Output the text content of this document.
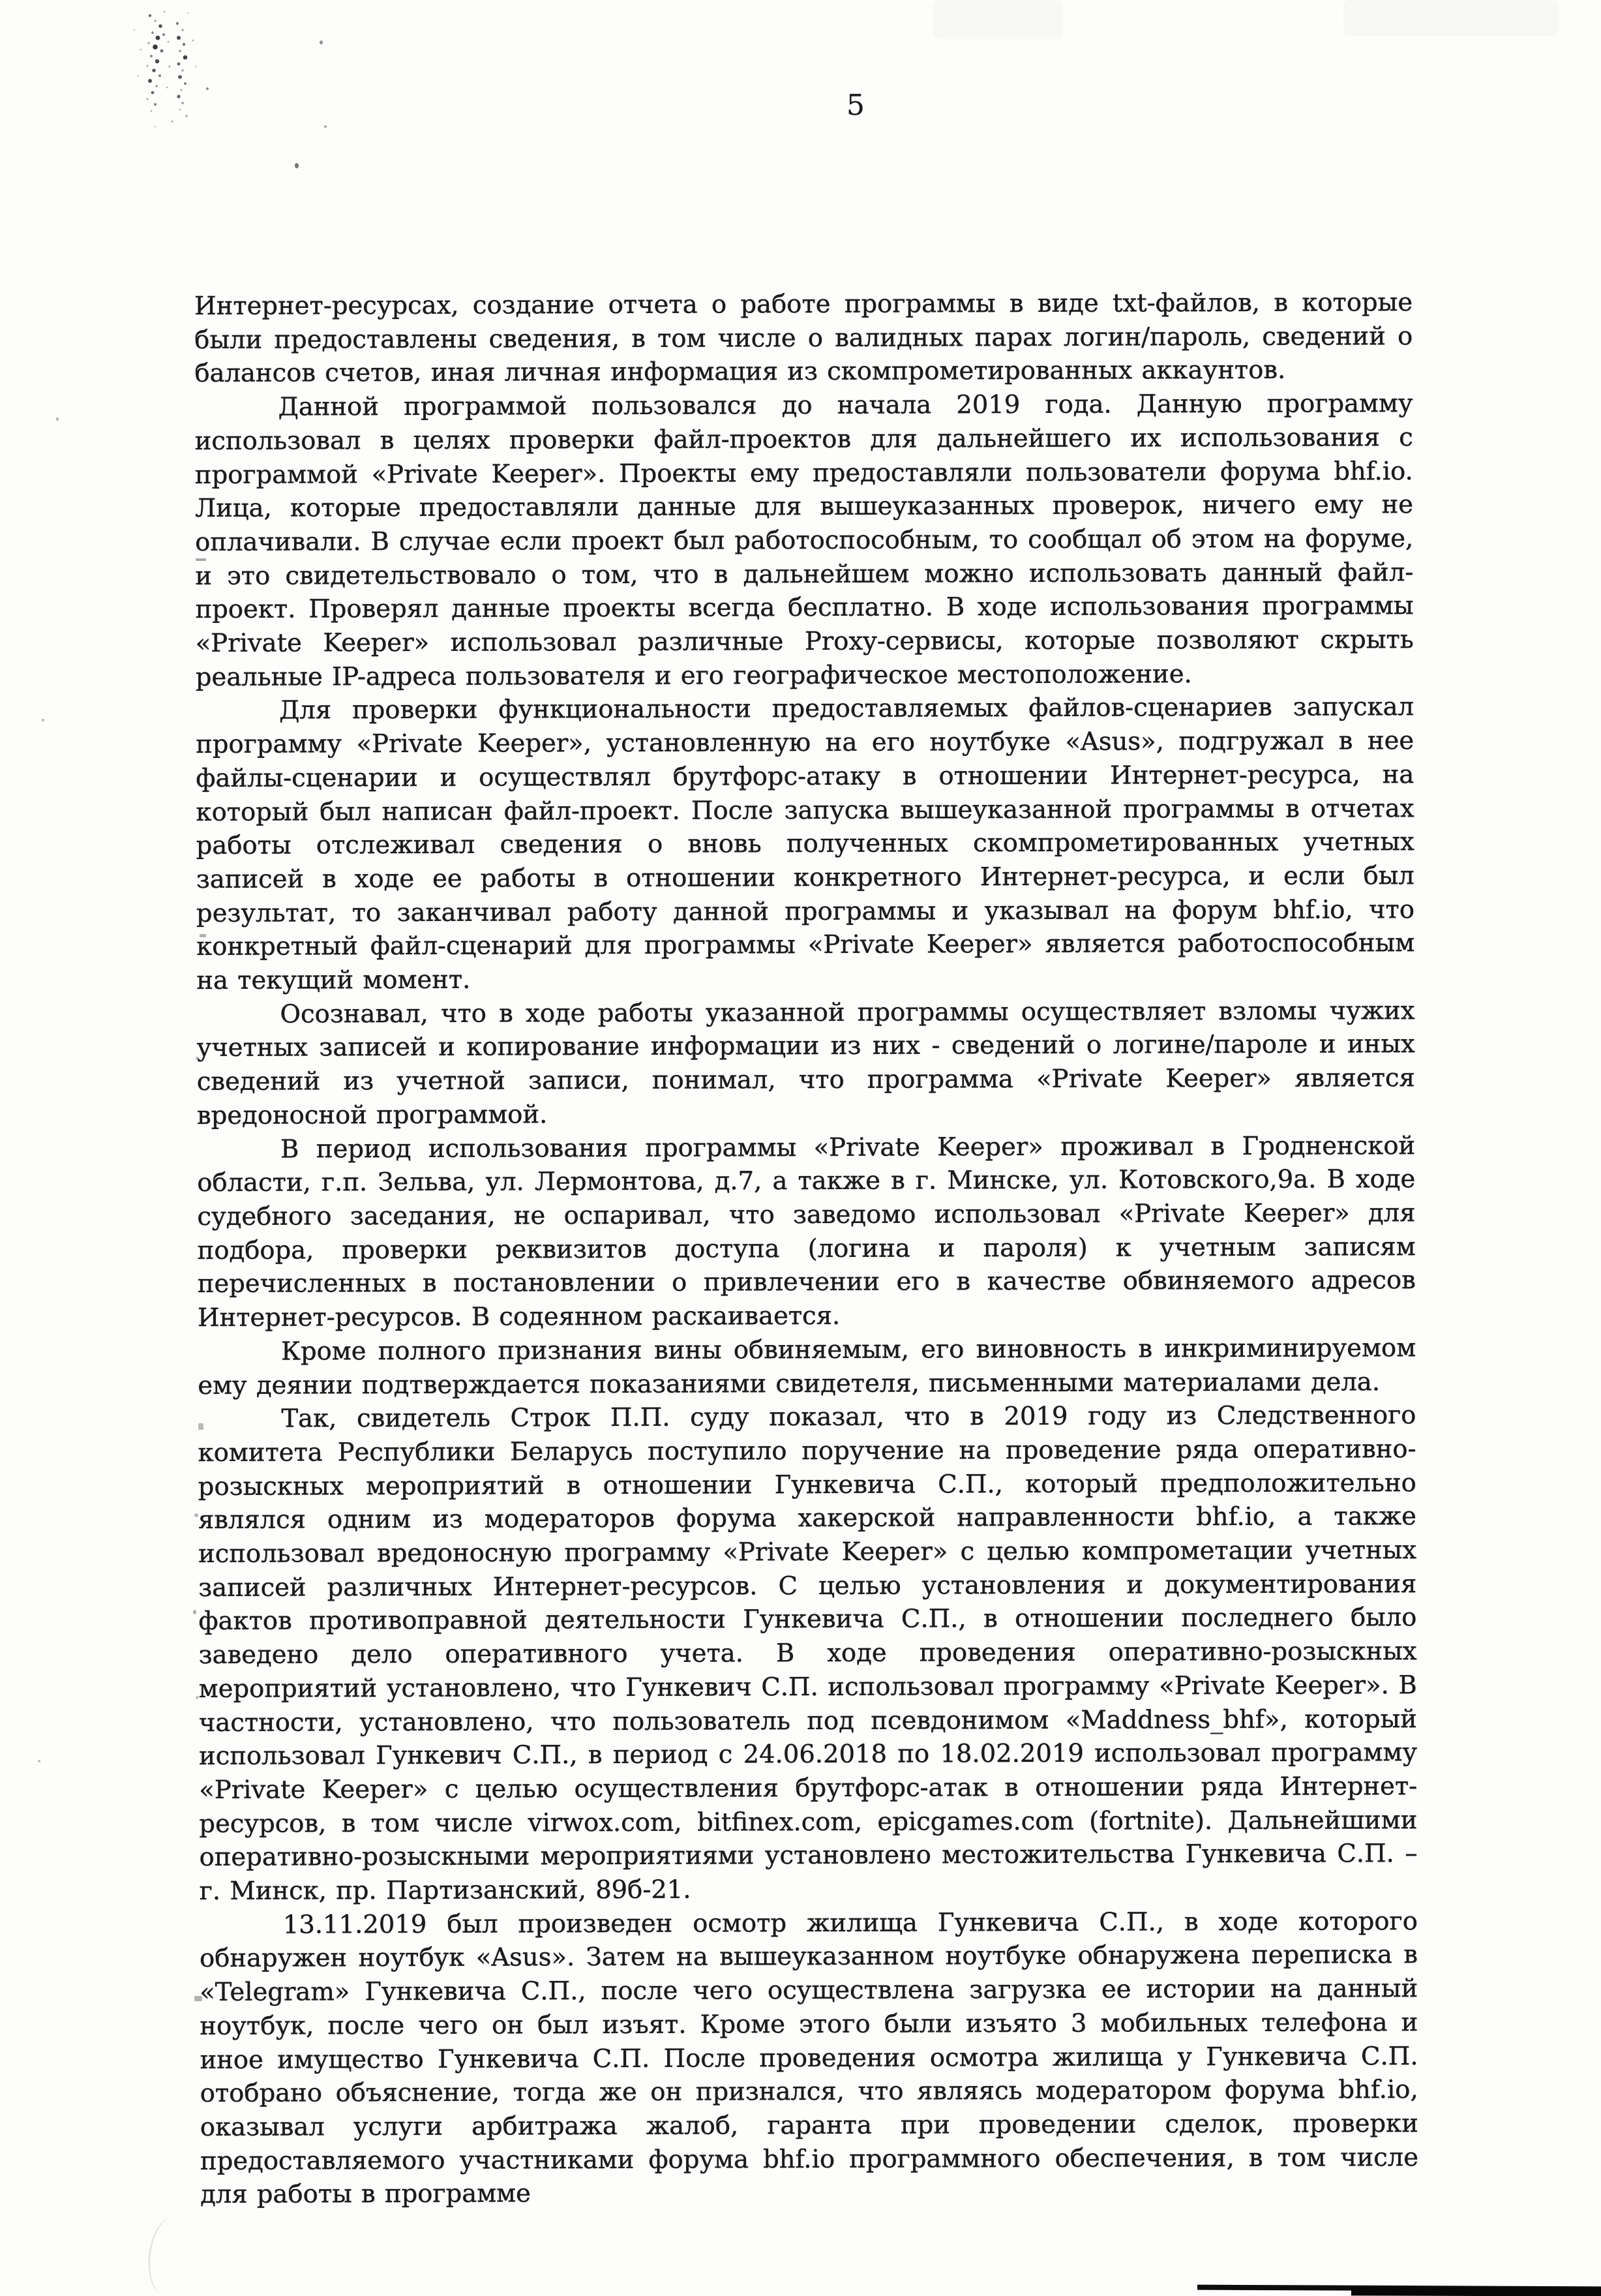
5

Интернет-ресурсах, создание отчета о работе программы в виде txt-файлов, в которые были предоставлены сведения, в том числе о валидных парах логин/пароль, сведений о балансов счетов, иная личная информация из скомпрометированных аккаунтов.

Данной программой пользовался до начала 2019 года. Данную программу использовал в целях проверки файл-проектов для дальнейшего их использования с программой «Private Keeper». Проекты ему предоставляли пользователи форума bhf.io. Лица, которые предоставляли данные для вышеуказанных проверок, ничего ему не оплачивали. В случае если проект был работоспособным, то сообщал об этом на форуме, и это свидетельствовало о том, что в дальнейшем можно использовать данный файл-проект. Проверял данные проекты всегда бесплатно. В ходе использования программы «Private Keeper» использовал различные Proxy-сервисы, которые позволяют скрыть реальные IP-адреса пользователя и его географическое местоположение.

Для проверки функциональности предоставляемых файлов-сценариев запускал программу «Private Keeper», установленную на его ноутбуке «Asus», подгружал в нее файлы-сценарии и осуществлял брутфорс-атаку в отношении Интернет-ресурса, на который был написан файл-проект. После запуска вышеуказанной программы в отчетах работы отслеживал сведения о вновь полученных скомпрометированных учетных записей в ходе ее работы в отношении конкретного Интернет-ресурса, и если был результат, то заканчивал работу данной программы и указывал на форум bhf.io, что конкретный файл-сценарий для программы «Private Keeper» является работоспособным на текущий момент.

Осознавал, что в ходе работы указанной программы осуществляет взломы чужих учетных записей и копирование информации из них - сведений о логине/пароле и иных сведений из учетной записи, понимал, что программа «Private Keeper» является вредоносной программой.

В период использования программы «Private Keeper» проживал в Гродненской области, г.п. Зельва, ул. Лермонтова, д.7, а также в г. Минске, ул. Котовского,9а. В ходе судебного заседания, не оспаривал, что заведомо использовал «Private Keeper» для подбора, проверки реквизитов доступа (логина и пароля) к учетным записям перечисленных в постановлении о привлечении его в качестве обвиняемого адресов Интернет-ресурсов. В содеянном раскаивается.

Кроме полного признания вины обвиняемым, его виновность в инкриминируемом ему деянии подтверждается показаниями свидетеля, письменными материалами дела.

Так, свидетель Строк П.П. суду показал, что в 2019 году из Следственного комитета Республики Беларусь поступило поручение на проведение ряда оперативно-розыскных мероприятий в отношении Гункевича С.П., который предположительно являлся одним из модераторов форума хакерской направленности bhf.io, а также использовал вредоносную программу «Private Keeper» с целью компрометации учетных записей различных Интернет-ресурсов. С целью установления и документирования фактов противоправной деятельности Гункевича С.П., в отношении последнего было заведено дело оперативного учета. В ходе проведения оперативно-розыскных мероприятий установлено, что Гункевич С.П. использовал программу «Private Keeper». В частности, установлено, что пользователь под псевдонимом «Maddness_bhf», который использовал Гункевич С.П., в период с 24.06.2018 по 18.02.2019 использовал программу «Private Keeper» с целью осуществления брутфорс-атак в отношении ряда Интернет-ресурсов, в том числе virwox.com, bitfinex.com, epicgames.com (fortnite). Дальнейшими оперативно-розыскными мероприятиями установлено местожительства Гункевича С.П. – г. Минск, пр. Партизанский, 89б-21.

13.11.2019 был произведен осмотр жилища Гункевича С.П., в ходе которого обнаружен ноутбук «Asus». Затем на вышеуказанном ноутбуке обнаружена переписка в «Telegram» Гункевича С.П., после чего осуществлена загрузка ее истории на данный ноутбук, после чего он был изъят. Кроме этого были изъято 3 мобильных телефона и иное имущество Гункевича С.П. После проведения осмотра жилища у Гункевича С.П. отобрано объяснение, тогда же он признался, что являясь модератором форума bhf.io, оказывал услуги арбитража жалоб, гаранта при проведении сделок, проверки предоставляемого участниками форума bhf.io программного обеспечения, в том числе для работы в программе
